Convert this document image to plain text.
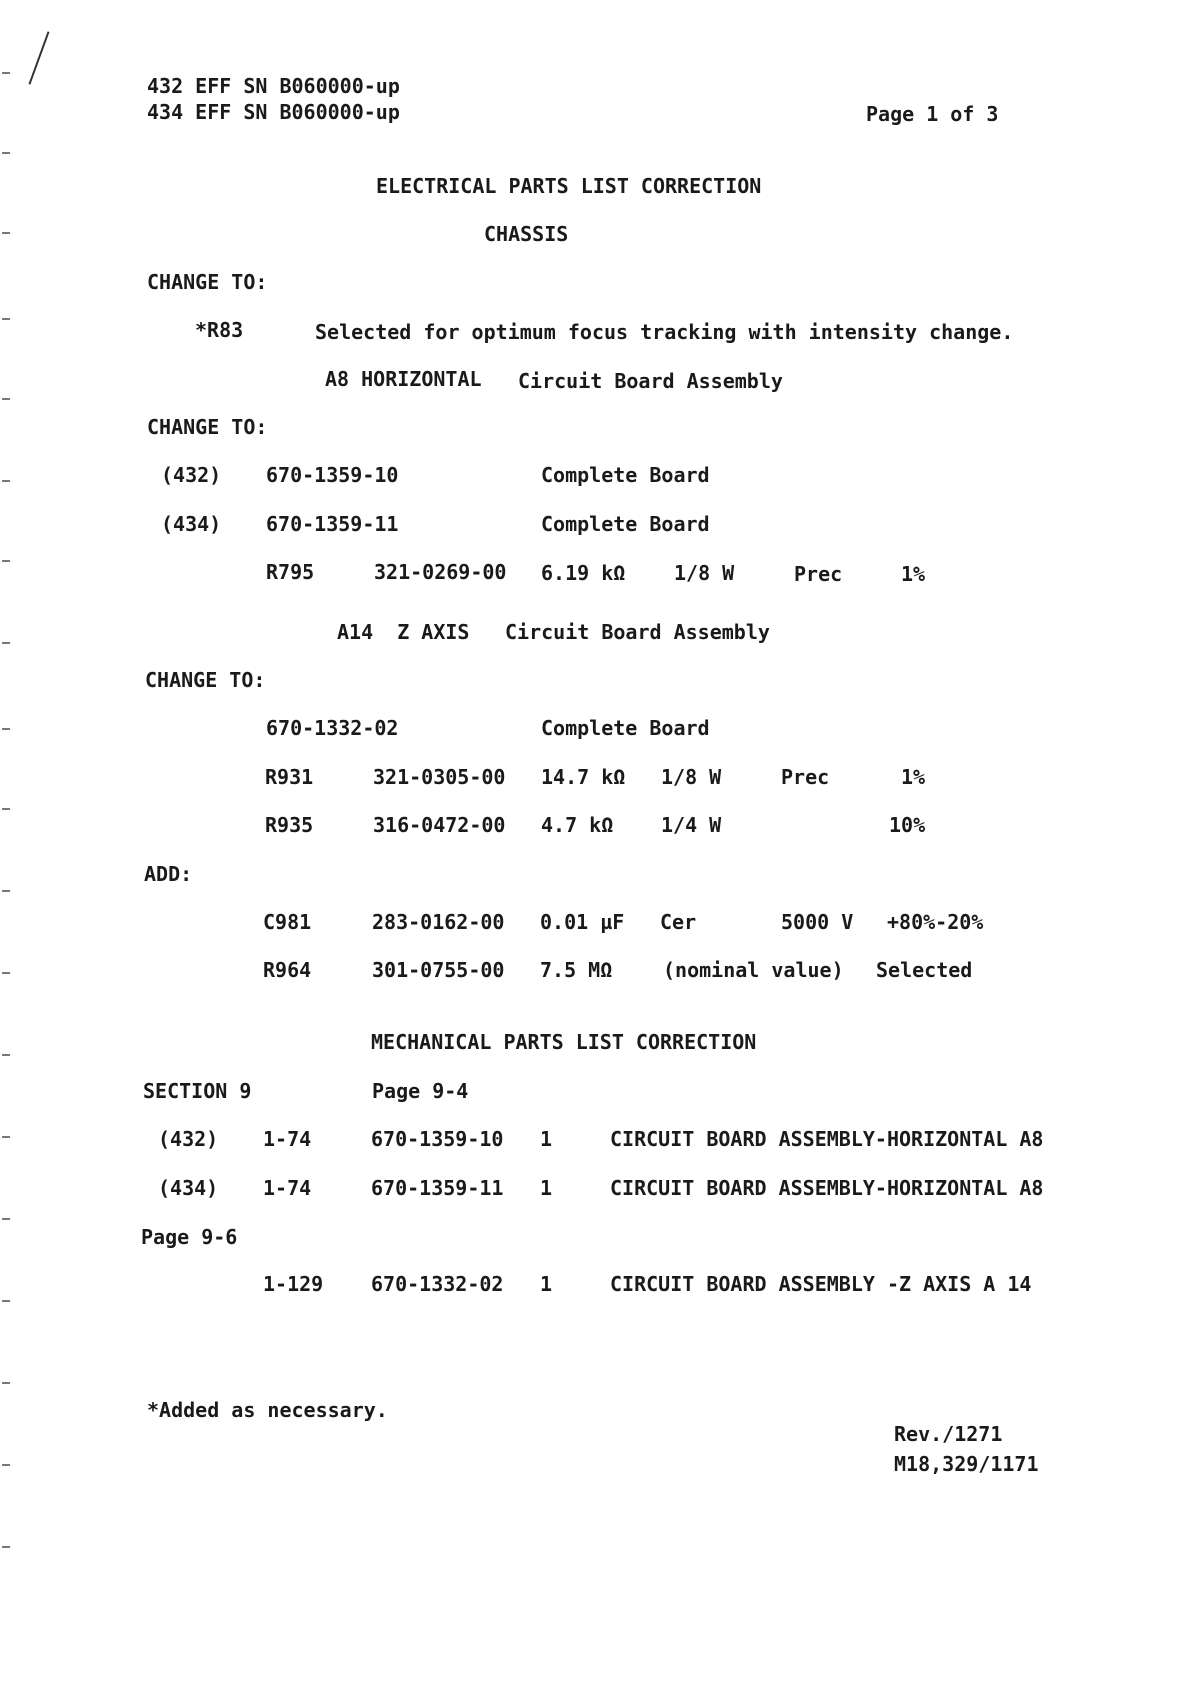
432 EFF SN B060000-up
434 EFF SN B060000-up	Page 1 of 3
ELECTRICAL PARTS LIST CORRECTION
CHASSIS
CHANGE TO:
*R83	Selected for optimum focus tracking with intensity change.
A8 HORIZONTAL Circuit Board Assembly
CHANGE TO:
(432) 670-1359-10	Complete Board
(434) 670-1359-11	Complete Board
R795	321-0269-00 6.19 kΩ 1/8 W	Prec	1%
A14  Z AXIS Circuit Board Assembly
CHANGE TO:
670-1332-02	Complete Board
R931	321-0305-00 14.7 kΩ 1/8 W	Prec	1%
R935	316-0472-00 4.7 kΩ 1/4 W	10%
ADD:
C981	283-0162-00 0.01 µF Cer	5000 V +80%-20%
R964	301-0755-00 7.5 MΩ	(nominal value) Selected
MECHANICAL PARTS LIST CORRECTION
SECTION 9	Page 9-4
(432) 1-74	670-1359-10 1	CIRCUIT BOARD ASSEMBLY-HORIZONTAL A8
(434) 1-74	670-1359-11 1	CIRCUIT BOARD ASSEMBLY-HORIZONTAL A8
Page 9-6
1-129 670-1332-02 1	CIRCUIT BOARD ASSEMBLY -Z AXIS A 14
*Added as necessary.
Rev./1271
M18,329/1171
